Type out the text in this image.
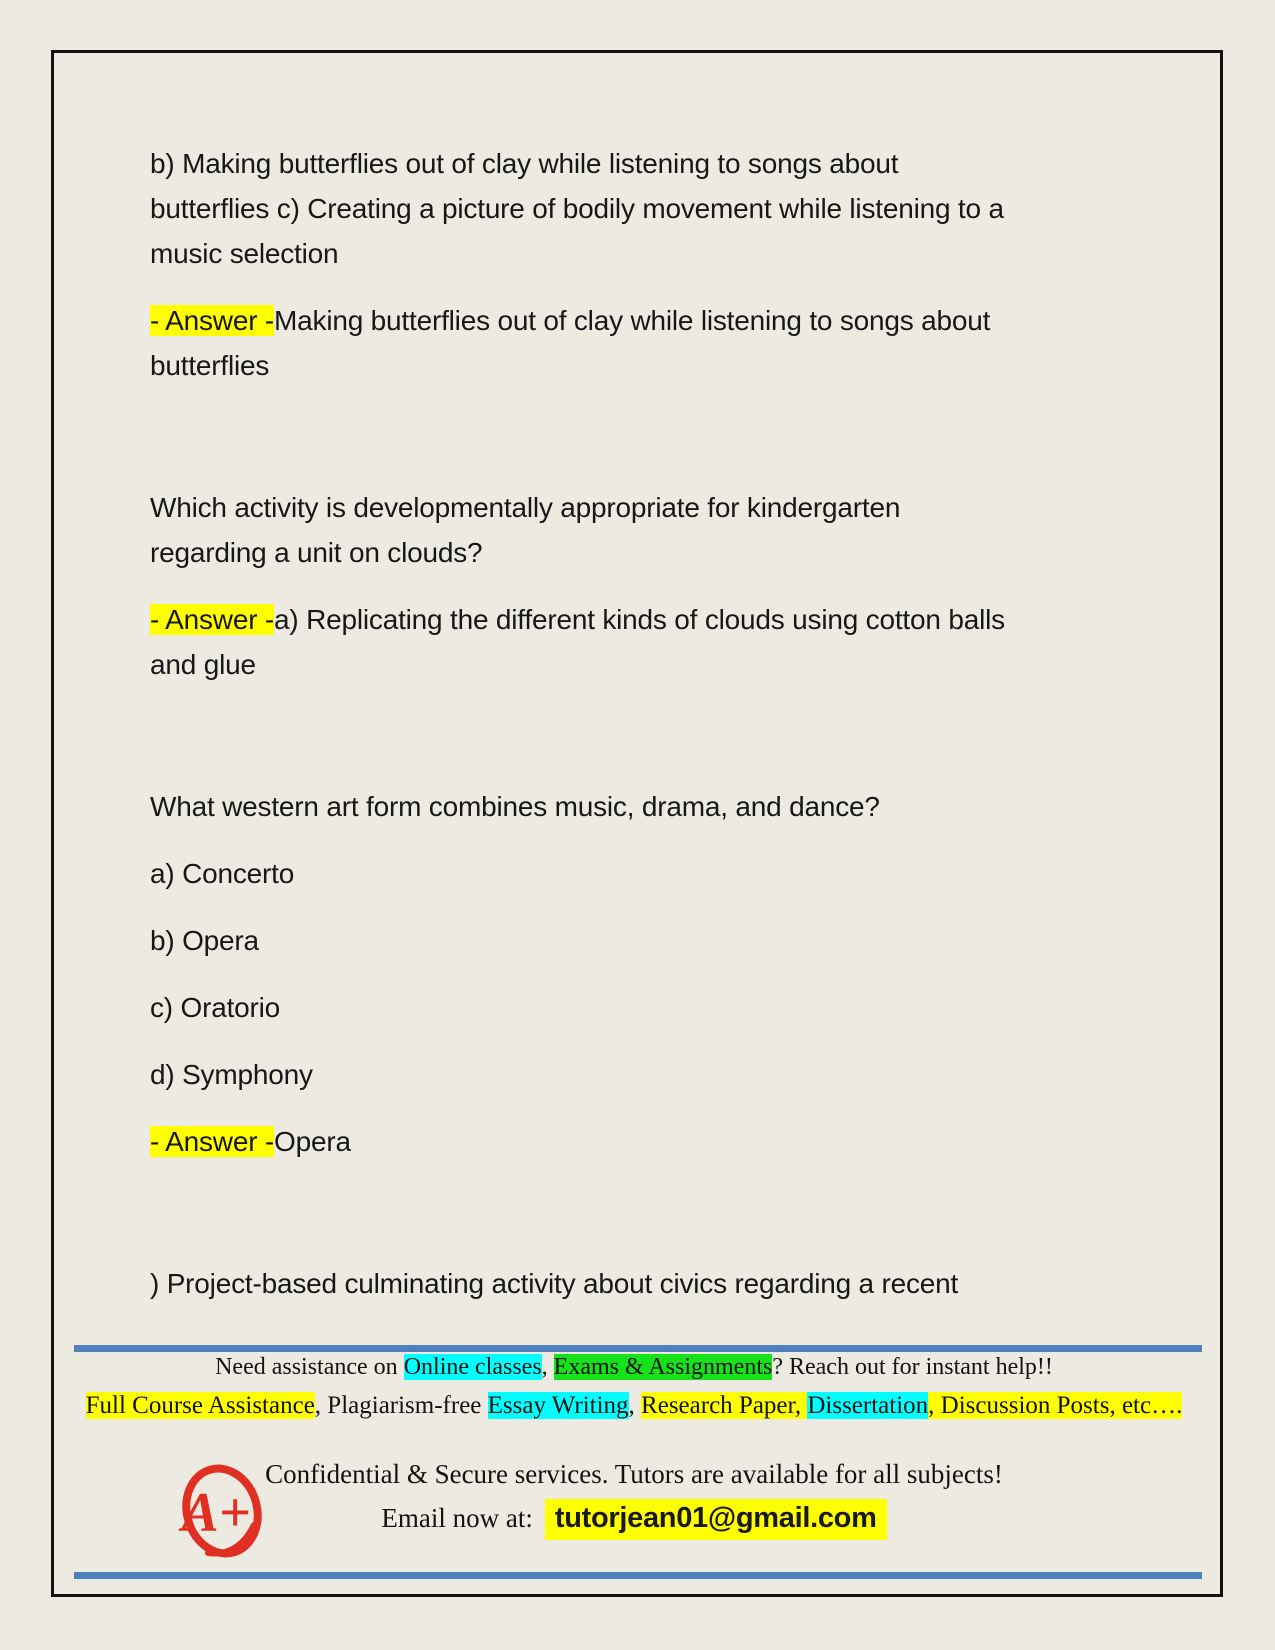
b) Making butterflies out of clay while listening to songs about
butterflies c) Creating a picture of bodily movement while listening to a
music selection

- Answer -Making butterflies out of clay while listening to songs about
butterflies

Which activity is developmentally appropriate for kindergarten
regarding a unit on clouds?

- Answer -a) Replicating the different kinds of clouds using cotton balls
and glue

What western art form combines music, drama, and dance?

a) Concerto

b) Opera

c) Oratorio

d) Symphony

- Answer -Opera

) Project-based culminating activity about civics regarding a recent

Need assistance on Online classes, Exams & Assignments? Reach out for instant help!!
Full Course Assistance, Plagiarism-free Essay Writing, Research Paper, Dissertation, Discussion Posts, etc….
A+
Confidential & Secure services. Tutors are available for all subjects!
Email now at: tutorjean01@gmail.com
